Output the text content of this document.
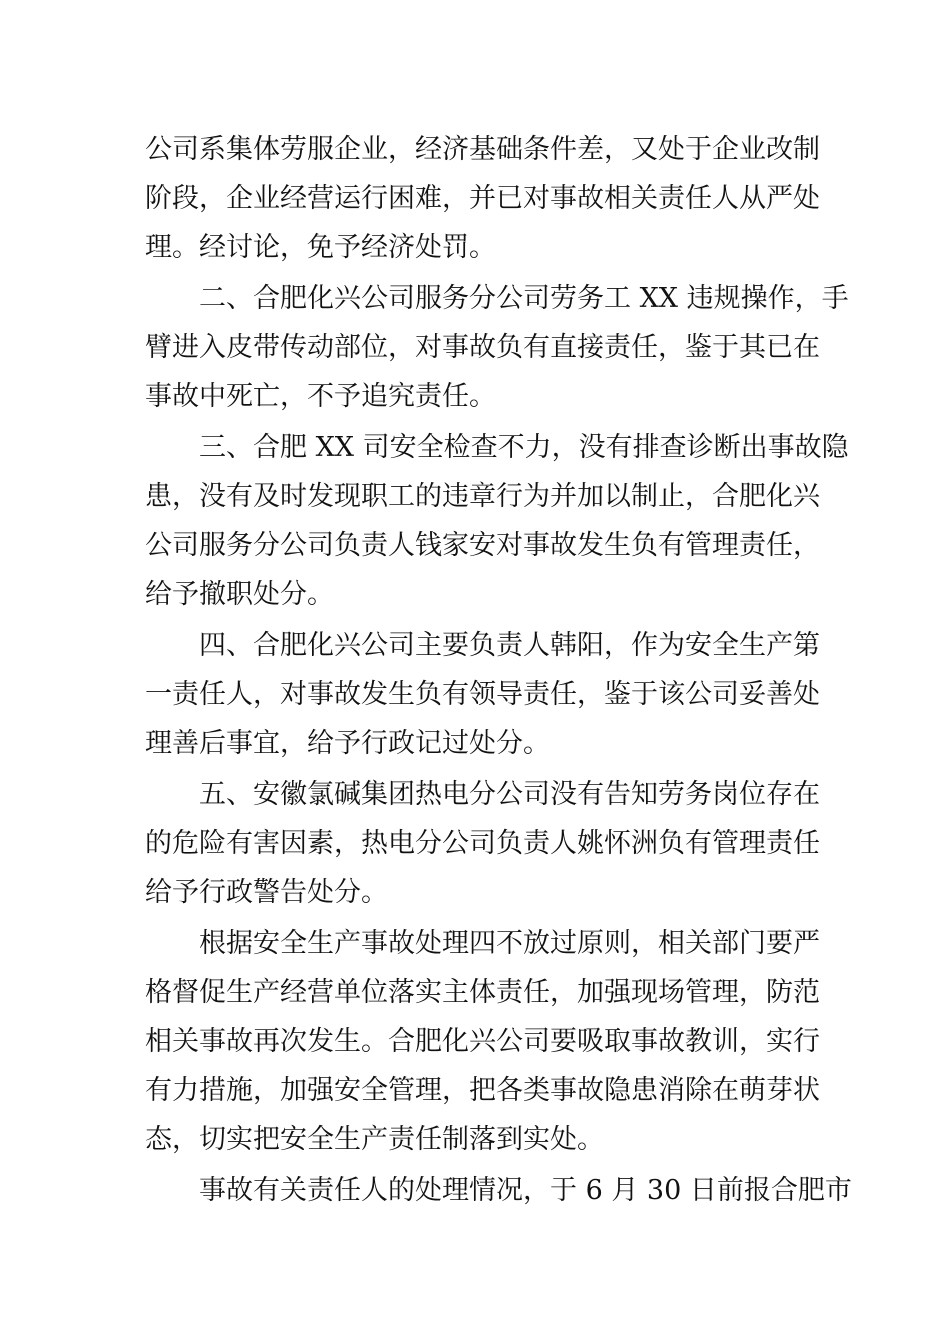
公司系集体劳服企业，经济基础条件差，又处于企业改制
阶段，企业经营运行困难，并已对事故相关责任人从严处
理。经讨论，免予经济处罚。
二、合肥化兴公司服务分公司劳务工 XX 违规操作，手
臂进入皮带传动部位，对事故负有直接责任，鉴于其已在
事故中死亡，不予追究责任。
三、合肥 XX 司安全检查不力，没有排查诊断出事故隐
患，没有及时发现职工的违章行为并加以制止，合肥化兴
公司服务分公司负责人钱家安对事故发生负有管理责任，
给予撤职处分。
四、合肥化兴公司主要负责人韩阳，作为安全生产第
一责任人，对事故发生负有领导责任，鉴于该公司妥善处
理善后事宜，给予行政记过处分。
五、安徽氯碱集团热电分公司没有告知劳务岗位存在
的危险有害因素，热电分公司负责人姚怀洲负有管理责任
给予行政警告处分。
根据安全生产事故处理四不放过原则，相关部门要严
格督促生产经营单位落实主体责任，加强现场管理，防范
相关事故再次发生。合肥化兴公司要吸取事故教训，实行
有力措施，加强安全管理，把各类事故隐患消除在萌芽状
态，切实把安全生产责任制落到实处。
事故有关责任人的处理情况，于 6 月 30 日前报合肥市
